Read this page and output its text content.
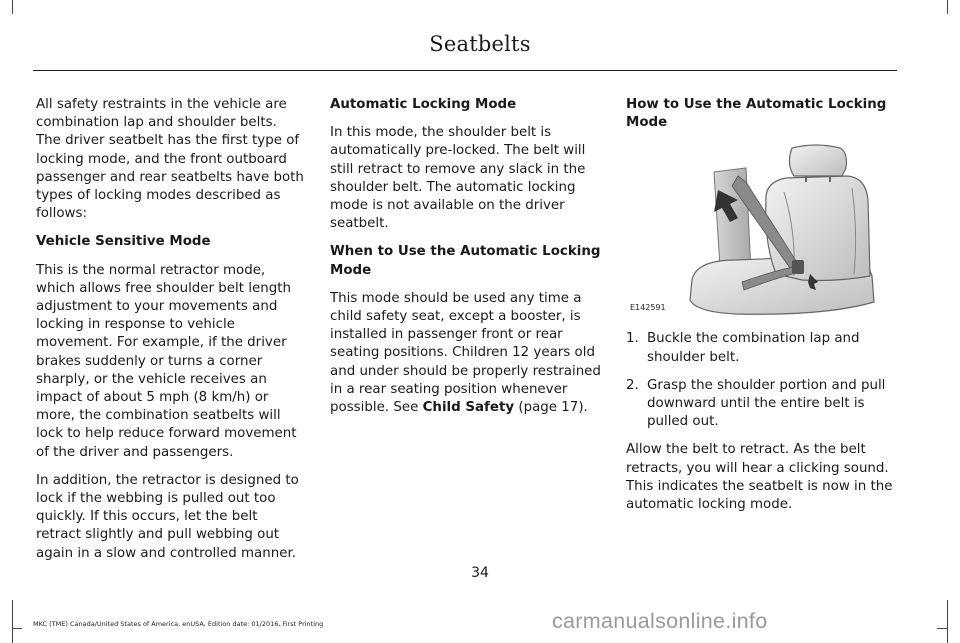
Seatbelts

All safety restraints in the vehicle are combination lap and shoulder belts. The driver seatbelt has the first type of locking mode, and the front outboard passenger and rear seatbelts have both types of locking modes described as follows:

Vehicle Sensitive Mode

This is the normal retractor mode, which allows free shoulder belt length adjustment to your movements and locking in response to vehicle movement. For example, if the driver brakes suddenly or turns a corner sharply, or the vehicle receives an impact of about 5 mph (8 km/h) or more, the combination seatbelts will lock to help reduce forward movement of the driver and passengers.

In addition, the retractor is designed to lock if the webbing is pulled out too quickly. If this occurs, let the belt retract slightly and pull webbing out again in a slow and controlled manner.

Automatic Locking Mode

In this mode, the shoulder belt is automatically pre-locked. The belt will still retract to remove any slack in the shoulder belt. The automatic locking mode is not available on the driver seatbelt.

When to Use the Automatic Locking Mode

This mode should be used any time a child safety seat, except a booster, is installed in passenger front or rear seating positions. Children 12 years old and under should be properly restrained in a rear seating position whenever possible. See Child Safety (page 17).

How to Use the Automatic Locking Mode
E142591
1. Buckle the combination lap and shoulder belt.
2. Grasp the shoulder portion and pull downward until the entire belt is pulled out.

Allow the belt to retract. As the belt retracts, you will hear a clicking sound. This indicates the seatbelt is now in the automatic locking mode.

34
MKC (TME) Canada/United States of America, enUSA, Edition date: 01/2016, First Printing	carmanualsonline.info
